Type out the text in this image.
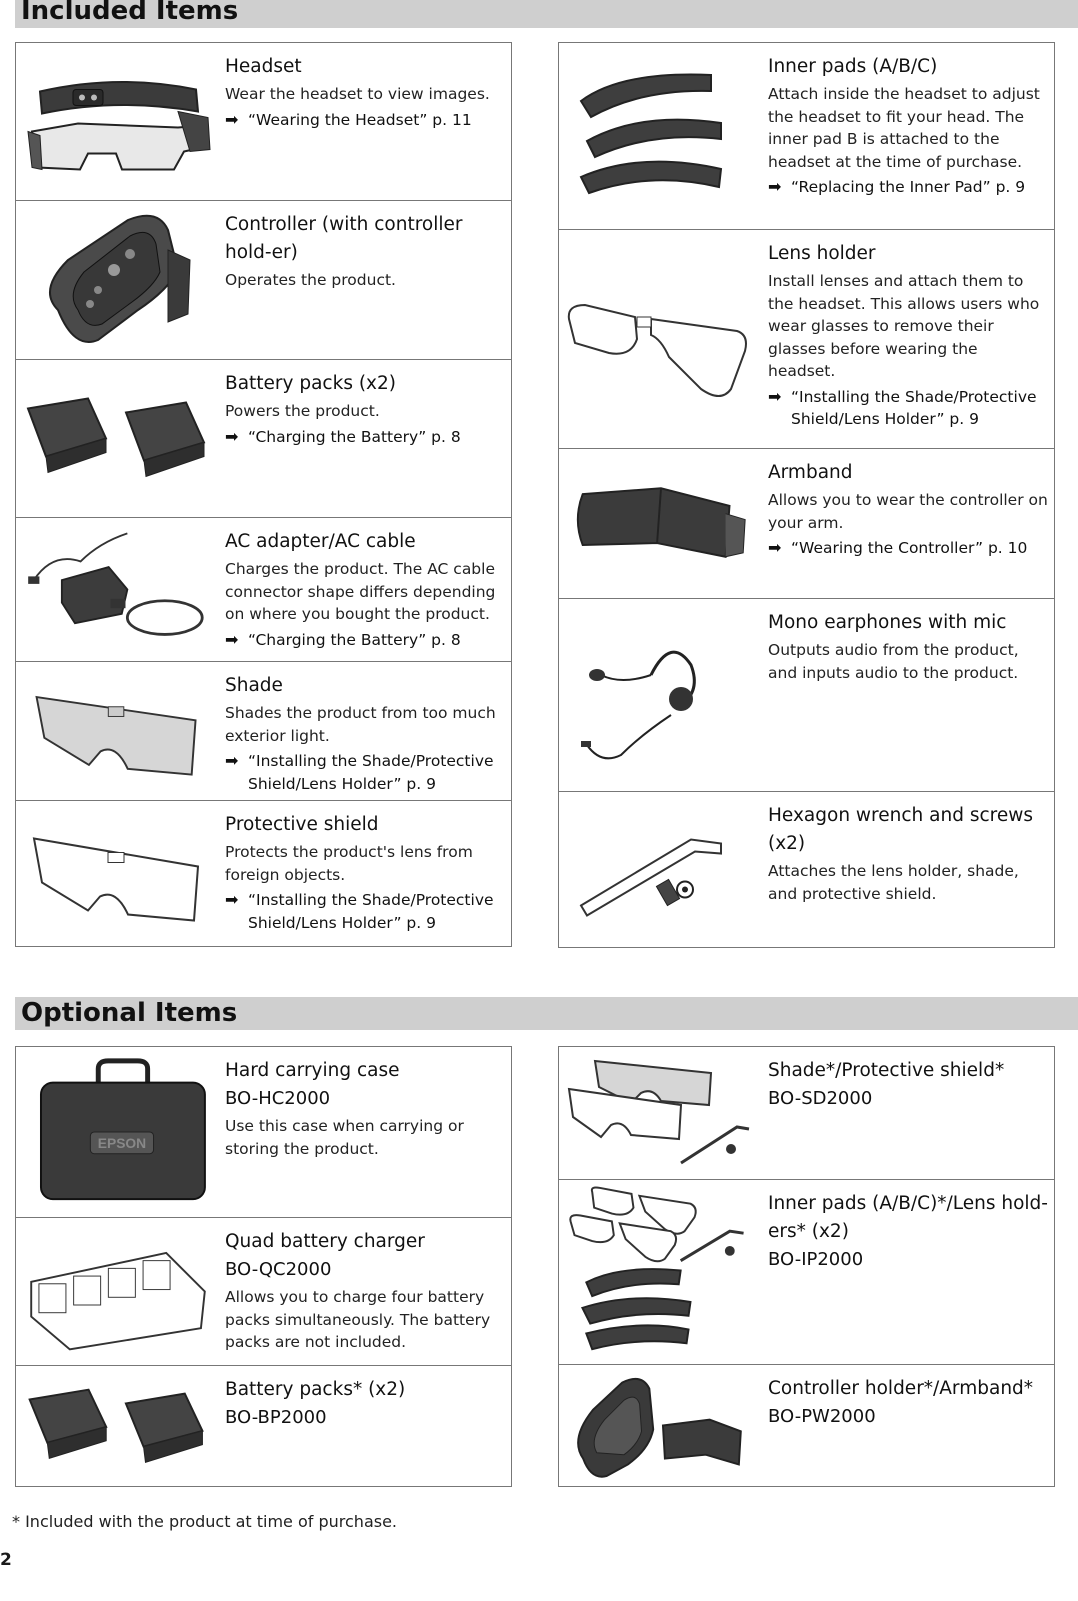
Included Items
Headset
Wear the headset to view images.
➡ “Wearing the Headset” p. 11
Controller (with controller hold-er)
Operates the product.
Battery packs (x2)
Powers the product.
➡ “Charging the Battery” p. 8
AC adapter/AC cable
Charges the product. The AC cable connector shape differs depending on where you bought the product.
➡ “Charging the Battery” p. 8
Shade
Shades the product from too much exterior light.
➡ “Installing the Shade/Protective Shield/Lens Holder” p. 9
Protective shield
Protects the product's lens from foreign objects.
➡ “Installing the Shade/Protective Shield/Lens Holder” p. 9
Inner pads (A/B/C)
Attach inside the headset to adjust the headset to fit your head. The inner pad B is attached to the headset at the time of purchase.
➡ “Replacing the Inner Pad” p. 9
Lens holder
Install lenses and attach them to the headset. This allows users who wear glasses to remove their glasses before wearing the headset.
➡ “Installing the Shade/Protective Shield/Lens Holder” p. 9
Armband
Allows you to wear the controller on your arm.
➡ “Wearing the Controller” p. 10
Mono earphones with mic
Outputs audio from the product, and inputs audio to the product.
Hexagon wrench and screws (x2)
Attaches the lens holder, shade, and protective shield.
Optional Items
EPSON
Hard carrying case
BO-HC2000
Use this case when carrying or storing the product.
Quad battery charger
BO-QC2000
Allows you to charge four battery packs simultaneously. The battery packs are not included.
Battery packs* (x2)
BO-BP2000
Shade*/Protective shield*
BO-SD2000
Inner pads (A/B/C)*/Lens hold-ers* (x2)
BO-IP2000
Controller holder*/Armband*
BO-PW2000
* Included with the product at time of purchase.
2
